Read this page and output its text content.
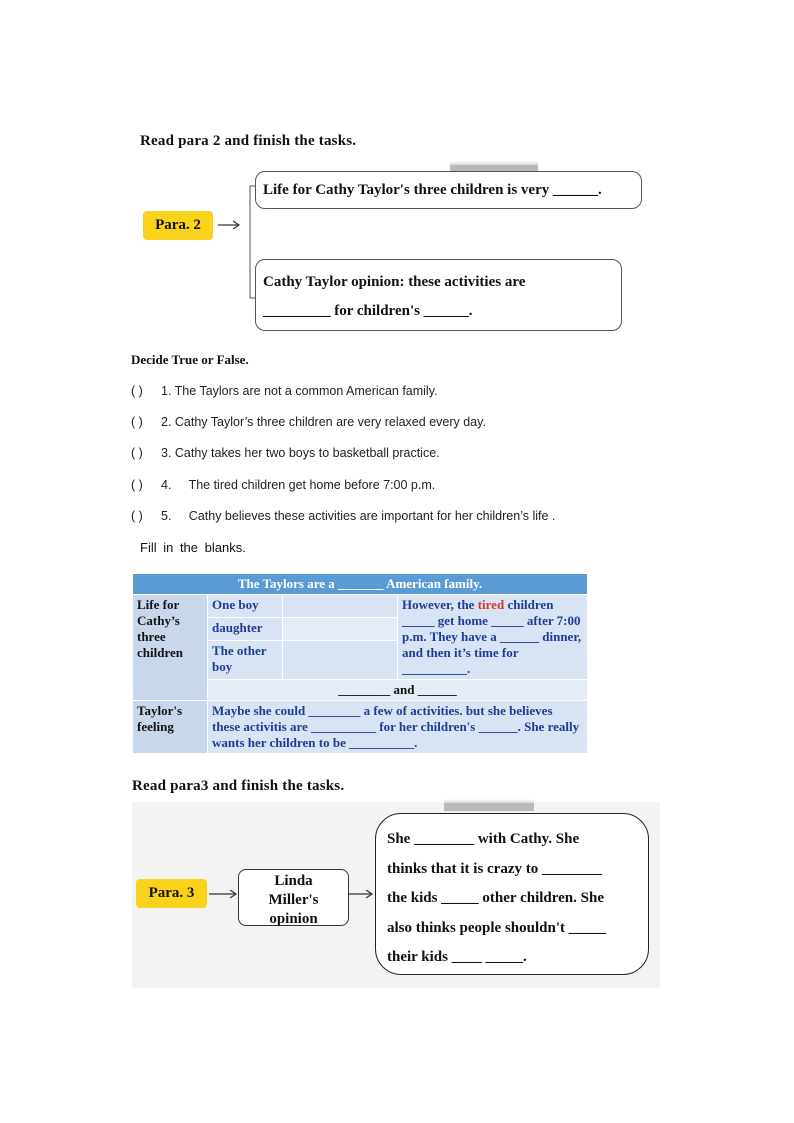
Read para 2 and finish the tasks.
Para. 2
Life for Cathy Taylor's three children is very ______.
Cathy Taylor opinion: these activities are
_________ for children's ______.
Decide True or False.
( ) 1. The Taylors are not a common American family.
( ) 2. Cathy Taylor’s three children are very relaxed every day.
( ) 3. Cathy takes her two boys to basketball practice.
( ) 4.     The tired children get home before 7:00 p.m.
( ) 5.     Cathy believes these activities are important for her children’s life .
Fill in the blanks.
The Taylors are a _______ American family.			
Life for Cathy’s three children	One boy		However, the tired children _____ get home _____ after 7:00 p.m. They have a ______ dinner, and then it’s time for __________.
	daughter		
	The other boy		
	________ and ______		
Taylor's feeling	Maybe she could ________ a few of activities. but she believes these activitis are __________ for her children's ______. She really wants her children to be __________.		
Read para3 and finish the tasks.
Para. 3
Linda Miller's opinion
She ________ with Cathy. She
thinks that it is crazy to ________
the kids _____ other children. She
also thinks people shouldn't _____
their kids ____ _____.
